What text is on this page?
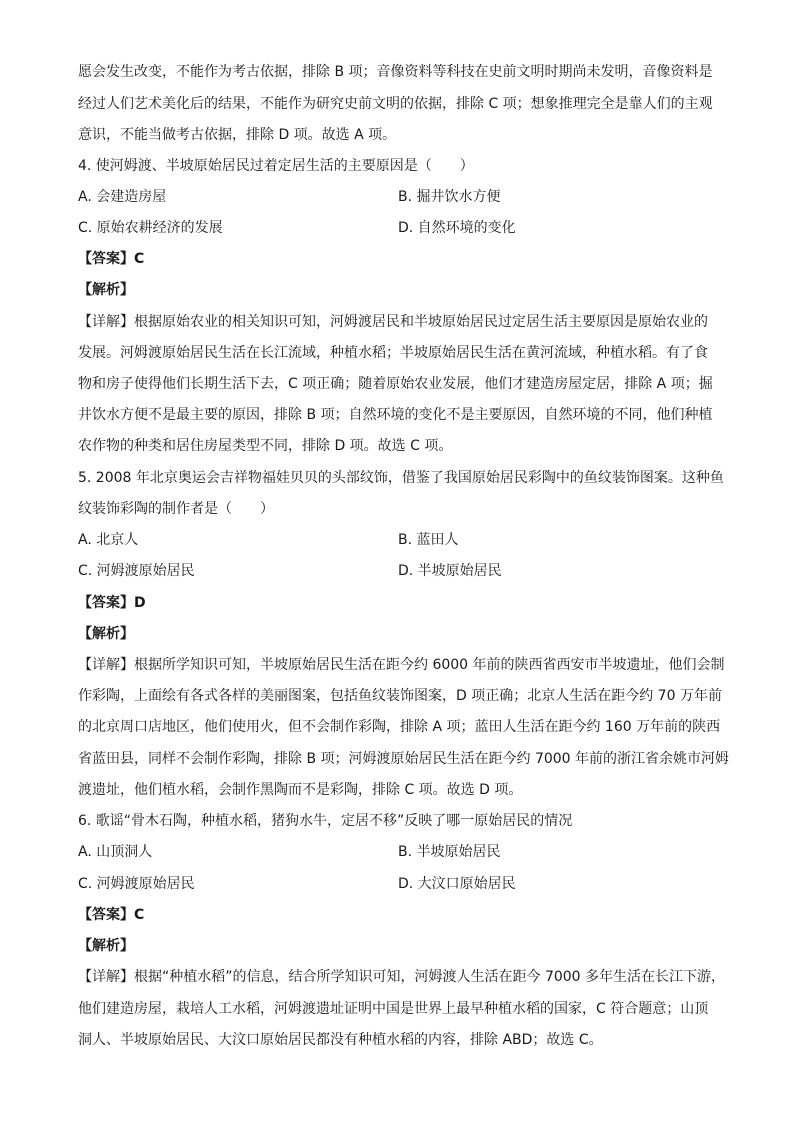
愿会发生改变，不能作为考古依据，排除 B 项；音像资料等科技在史前文明时期尚未发明，音像资料是
经过人们艺术美化后的结果，不能作为研究史前文明的依据，排除 C 项；想象推理完全是靠人们的主观
意识，不能当做考古依据，排除 D 项。故选 A 项。
4. 使河姆渡、半坡原始居民过着定居生活的主要原因是（　　）
A. 会建造房屋	B. 掘井饮水方便
C. 原始农耕经济的发展	D. 自然环境的变化
【答案】C
【解析】
【详解】根据原始农业的相关知识可知，河姆渡居民和半坡原始居民过定居生活主要原因是原始农业的
发展。河姆渡原始居民生活在长江流域，种植水稻；半坡原始居民生活在黄河流域，种植水稻。有了食
物和房子使得他们长期生活下去，C 项正确；随着原始农业发展，他们才建造房屋定居，排除 A 项；掘
井饮水方便不是最主要的原因，排除 B 项；自然环境的变化不是主要原因，自然环境的不同，他们种植
农作物的种类和居住房屋类型不同，排除 D 项。故选 C 项。
5. 2008 年北京奥运会吉祥物福娃贝贝的头部纹饰，借鉴了我国原始居民彩陶中的鱼纹装饰图案。这种鱼
纹装饰彩陶的制作者是（　　）
A. 北京人	B. 蓝田人
C. 河姆渡原始居民	D. 半坡原始居民
【答案】D
【解析】
【详解】根据所学知识可知，半坡原始居民生活在距今约 6000 年前的陕西省西安市半坡遗址，他们会制
作彩陶，上面绘有各式各样的美丽图案，包括鱼纹装饰图案，D 项正确；北京人生活在距今约 70 万年前
的北京周口店地区，他们使用火，但不会制作彩陶，排除 A 项；蓝田人生活在距今约 160 万年前的陕西
省蓝田县，同样不会制作彩陶，排除 B 项；河姆渡原始居民生活在距今约 7000 年前的浙江省余姚市河姆
渡遗址，他们植水稻，会制作黑陶而不是彩陶，排除 C 项。故选 D 项。
6. 歌谣“骨木石陶，种植水稻，猪狗水牛，定居不移”反映了哪一原始居民的情况
A. 山顶洞人	B. 半坡原始居民
C. 河姆渡原始居民	D. 大汶口原始居民
【答案】C
【解析】
【详解】根据“种植水稻”的信息，结合所学知识可知，河姆渡人生活在距今 7000 多年生活在长江下游，
他们建造房屋，栽培人工水稻，河姆渡遗址证明中国是世界上最早种植水稻的国家，C 符合题意；山顶
洞人、半坡原始居民、大汶口原始居民都没有种植水稻的内容，排除 ABD；故选 C。
